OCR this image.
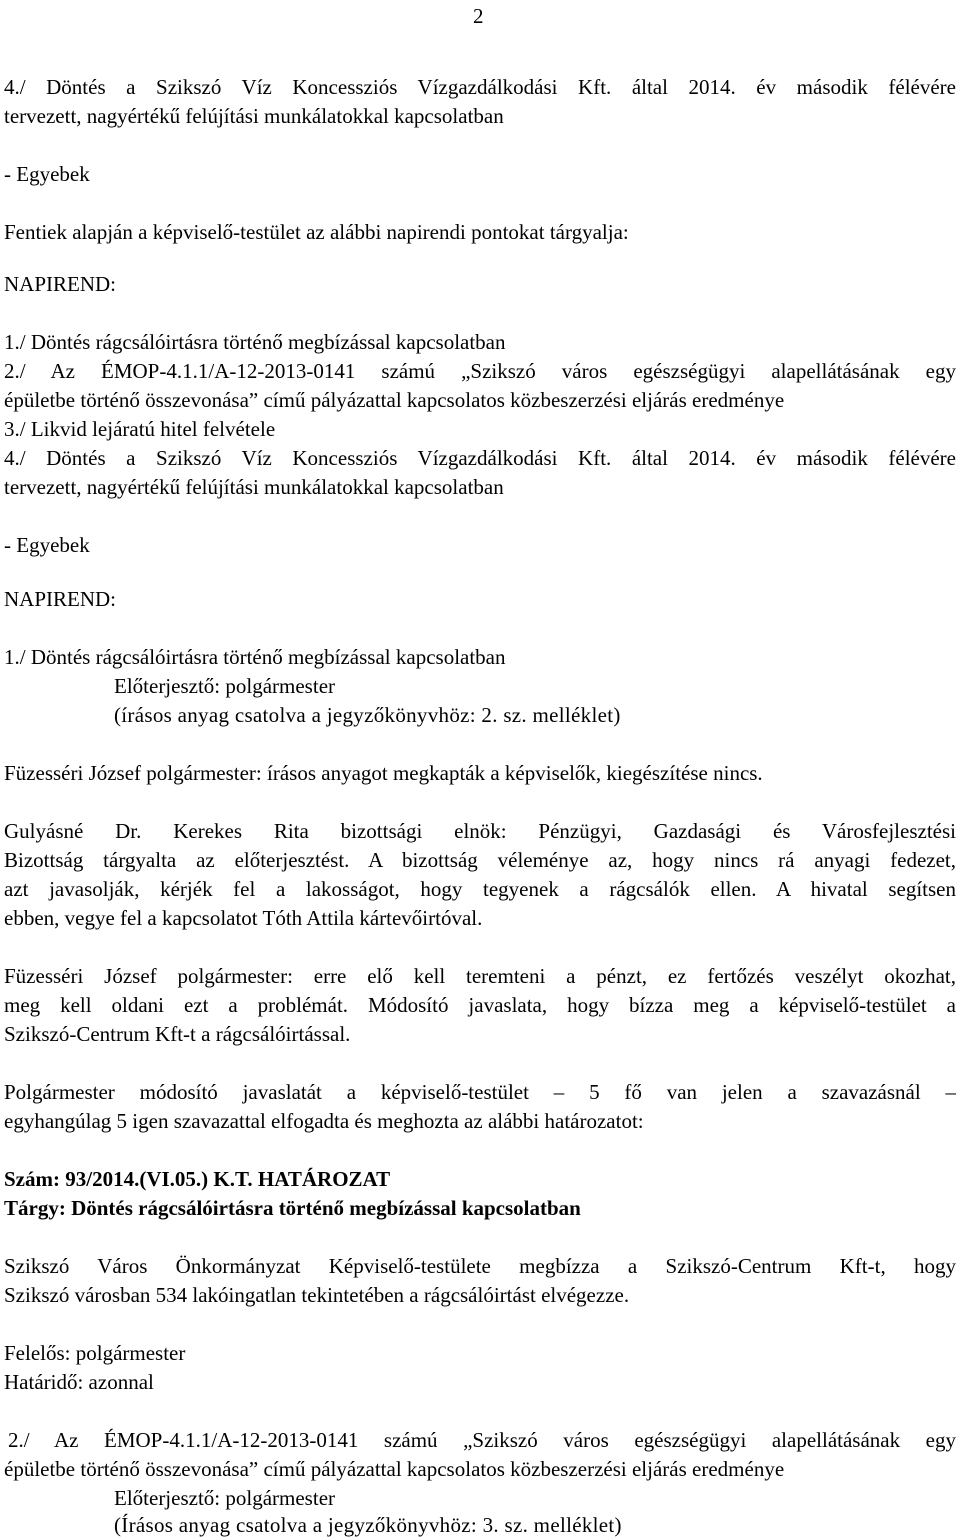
2
4./ Döntés a Szikszó Víz Koncessziós Vízgazdálkodási Kft. által 2014. év második félévére
tervezett, nagyértékű felújítási munkálatokkal kapcsolatban
- Egyebek
Fentiek alapján a képviselő-testület az alábbi napirendi pontokat tárgyalja:
NAPIREND:
1./ Döntés rágcsálóirtásra történő megbízással kapcsolatban
2./ Az ÉMOP-4.1.1/A-12-2013-0141 számú „Szikszó város egészségügyi alapellátásának egy
épületbe történő összevonása” című pályázattal kapcsolatos közbeszerzési eljárás eredménye
3./ Likvid lejáratú hitel felvétele
4./ Döntés a Szikszó Víz Koncessziós Vízgazdálkodási Kft. által 2014. év második félévére
tervezett, nagyértékű felújítási munkálatokkal kapcsolatban
- Egyebek
NAPIREND:
1./ Döntés rágcsálóirtásra történő megbízással kapcsolatban
Előterjesztő: polgármester
(írásos anyag csatolva a jegyzőkönyvhöz: 2. sz. melléklet)
Füzesséri József polgármester: írásos anyagot megkapták a képviselők, kiegészítése nincs.
Gulyásné Dr. Kerekes Rita bizottsági elnök: Pénzügyi, Gazdasági és Városfejlesztési
Bizottság tárgyalta az előterjesztést. A bizottság véleménye az, hogy nincs rá anyagi fedezet,
azt javasolják, kérjék fel a lakosságot, hogy tegyenek a rágcsálók ellen. A hivatal segítsen
ebben, vegye fel a kapcsolatot Tóth Attila kártevőirtóval.
Füzesséri József polgármester: erre elő kell teremteni a pénzt, ez fertőzés veszélyt okozhat,
meg kell oldani ezt a problémát. Módosító javaslata, hogy bízza meg a képviselő-testület a
Szikszó-Centrum Kft-t a rágcsálóirtással.
Polgármester módosító javaslatát a képviselő-testület – 5 fő van jelen a szavazásnál –
egyhangúlag 5 igen szavazattal elfogadta és meghozta az alábbi határozatot:
Szám: 93/2014.(VI.05.) K.T. HATÁROZAT
Tárgy: Döntés rágcsálóirtásra történő megbízással kapcsolatban
Szikszó Város Önkormányzat Képviselő-testülete megbízza a Szikszó-Centrum Kft-t, hogy
Szikszó városban 534 lakóingatlan tekintetében a rágcsálóirtást elvégezze.
Felelős: polgármester
Határidő: azonnal
2./ Az ÉMOP-4.1.1/A-12-2013-0141 számú „Szikszó város egészségügyi alapellátásának egy
épületbe történő összevonása” című pályázattal kapcsolatos közbeszerzési eljárás eredménye
Előterjesztő: polgármester
(Írásos anyag csatolva a jegyzőkönyvhöz: 3. sz. melléklet)
